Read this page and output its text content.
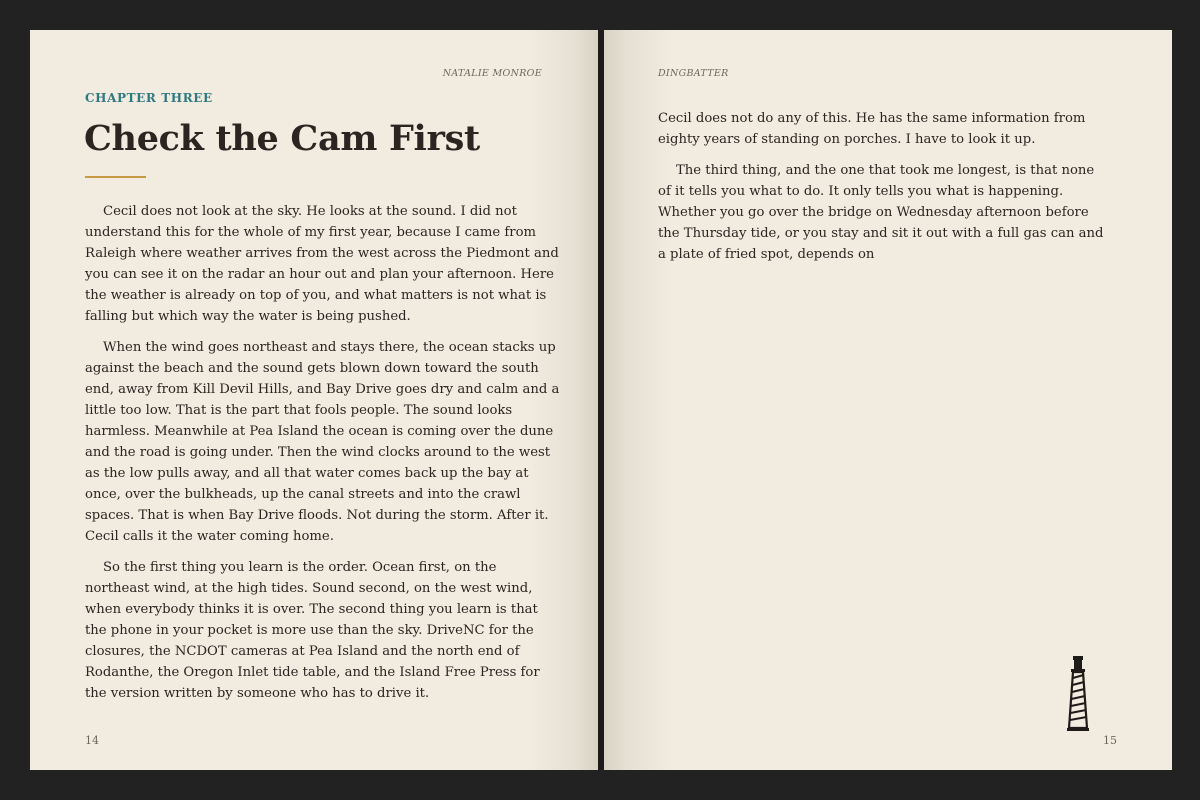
NATALIE MONROE
CHAPTER THREE
Check the Cam First

Cecil does not look at the sky. He looks at the sound. I did not understand this for the whole of my first year, because I came from Raleigh where weather arrives from the west across the Piedmont and you can see it on the radar an hour out and plan your afternoon. Here the weather is already on top of you, and what matters is not what is falling but which way the water is being pushed.

When the wind goes northeast and stays there, the ocean stacks up against the beach and the sound gets blown down toward the south end, away from Kill Devil Hills, and Bay Drive goes dry and calm and a little too low. That is the part that fools people. The sound looks harmless. Meanwhile at Pea Island the ocean is coming over the dune and the road is going under. Then the wind clocks around to the west as the low pulls away, and all that water comes back up the bay at once, over the bulkheads, up the canal streets and into the crawl spaces. That is when Bay Drive floods. Not during the storm. After it. Cecil calls it the water coming home.

So the first thing you learn is the order. Ocean first, on the northeast wind, at the high tides. Sound second, on the west wind, when everybody thinks it is over. The second thing you learn is that the phone in your pocket is more use than the sky. DriveNC for the closures, the NCDOT cameras at Pea Island and the north end of Rodanthe, the Oregon Inlet tide table, and the Island Free Press for the version written by someone who has to drive it.

14
DINGBATTER

Cecil does not do any of this. He has the same information from eighty years of standing on porches. I have to look it up.

The third thing, and the one that took me longest, is that none of it tells you what to do. It only tells you what is happening. Whether you go over the bridge on Wednesday afternoon before the Thursday tide, or you stay and sit it out with a full gas can and a plate of fried spot, depends on

15
